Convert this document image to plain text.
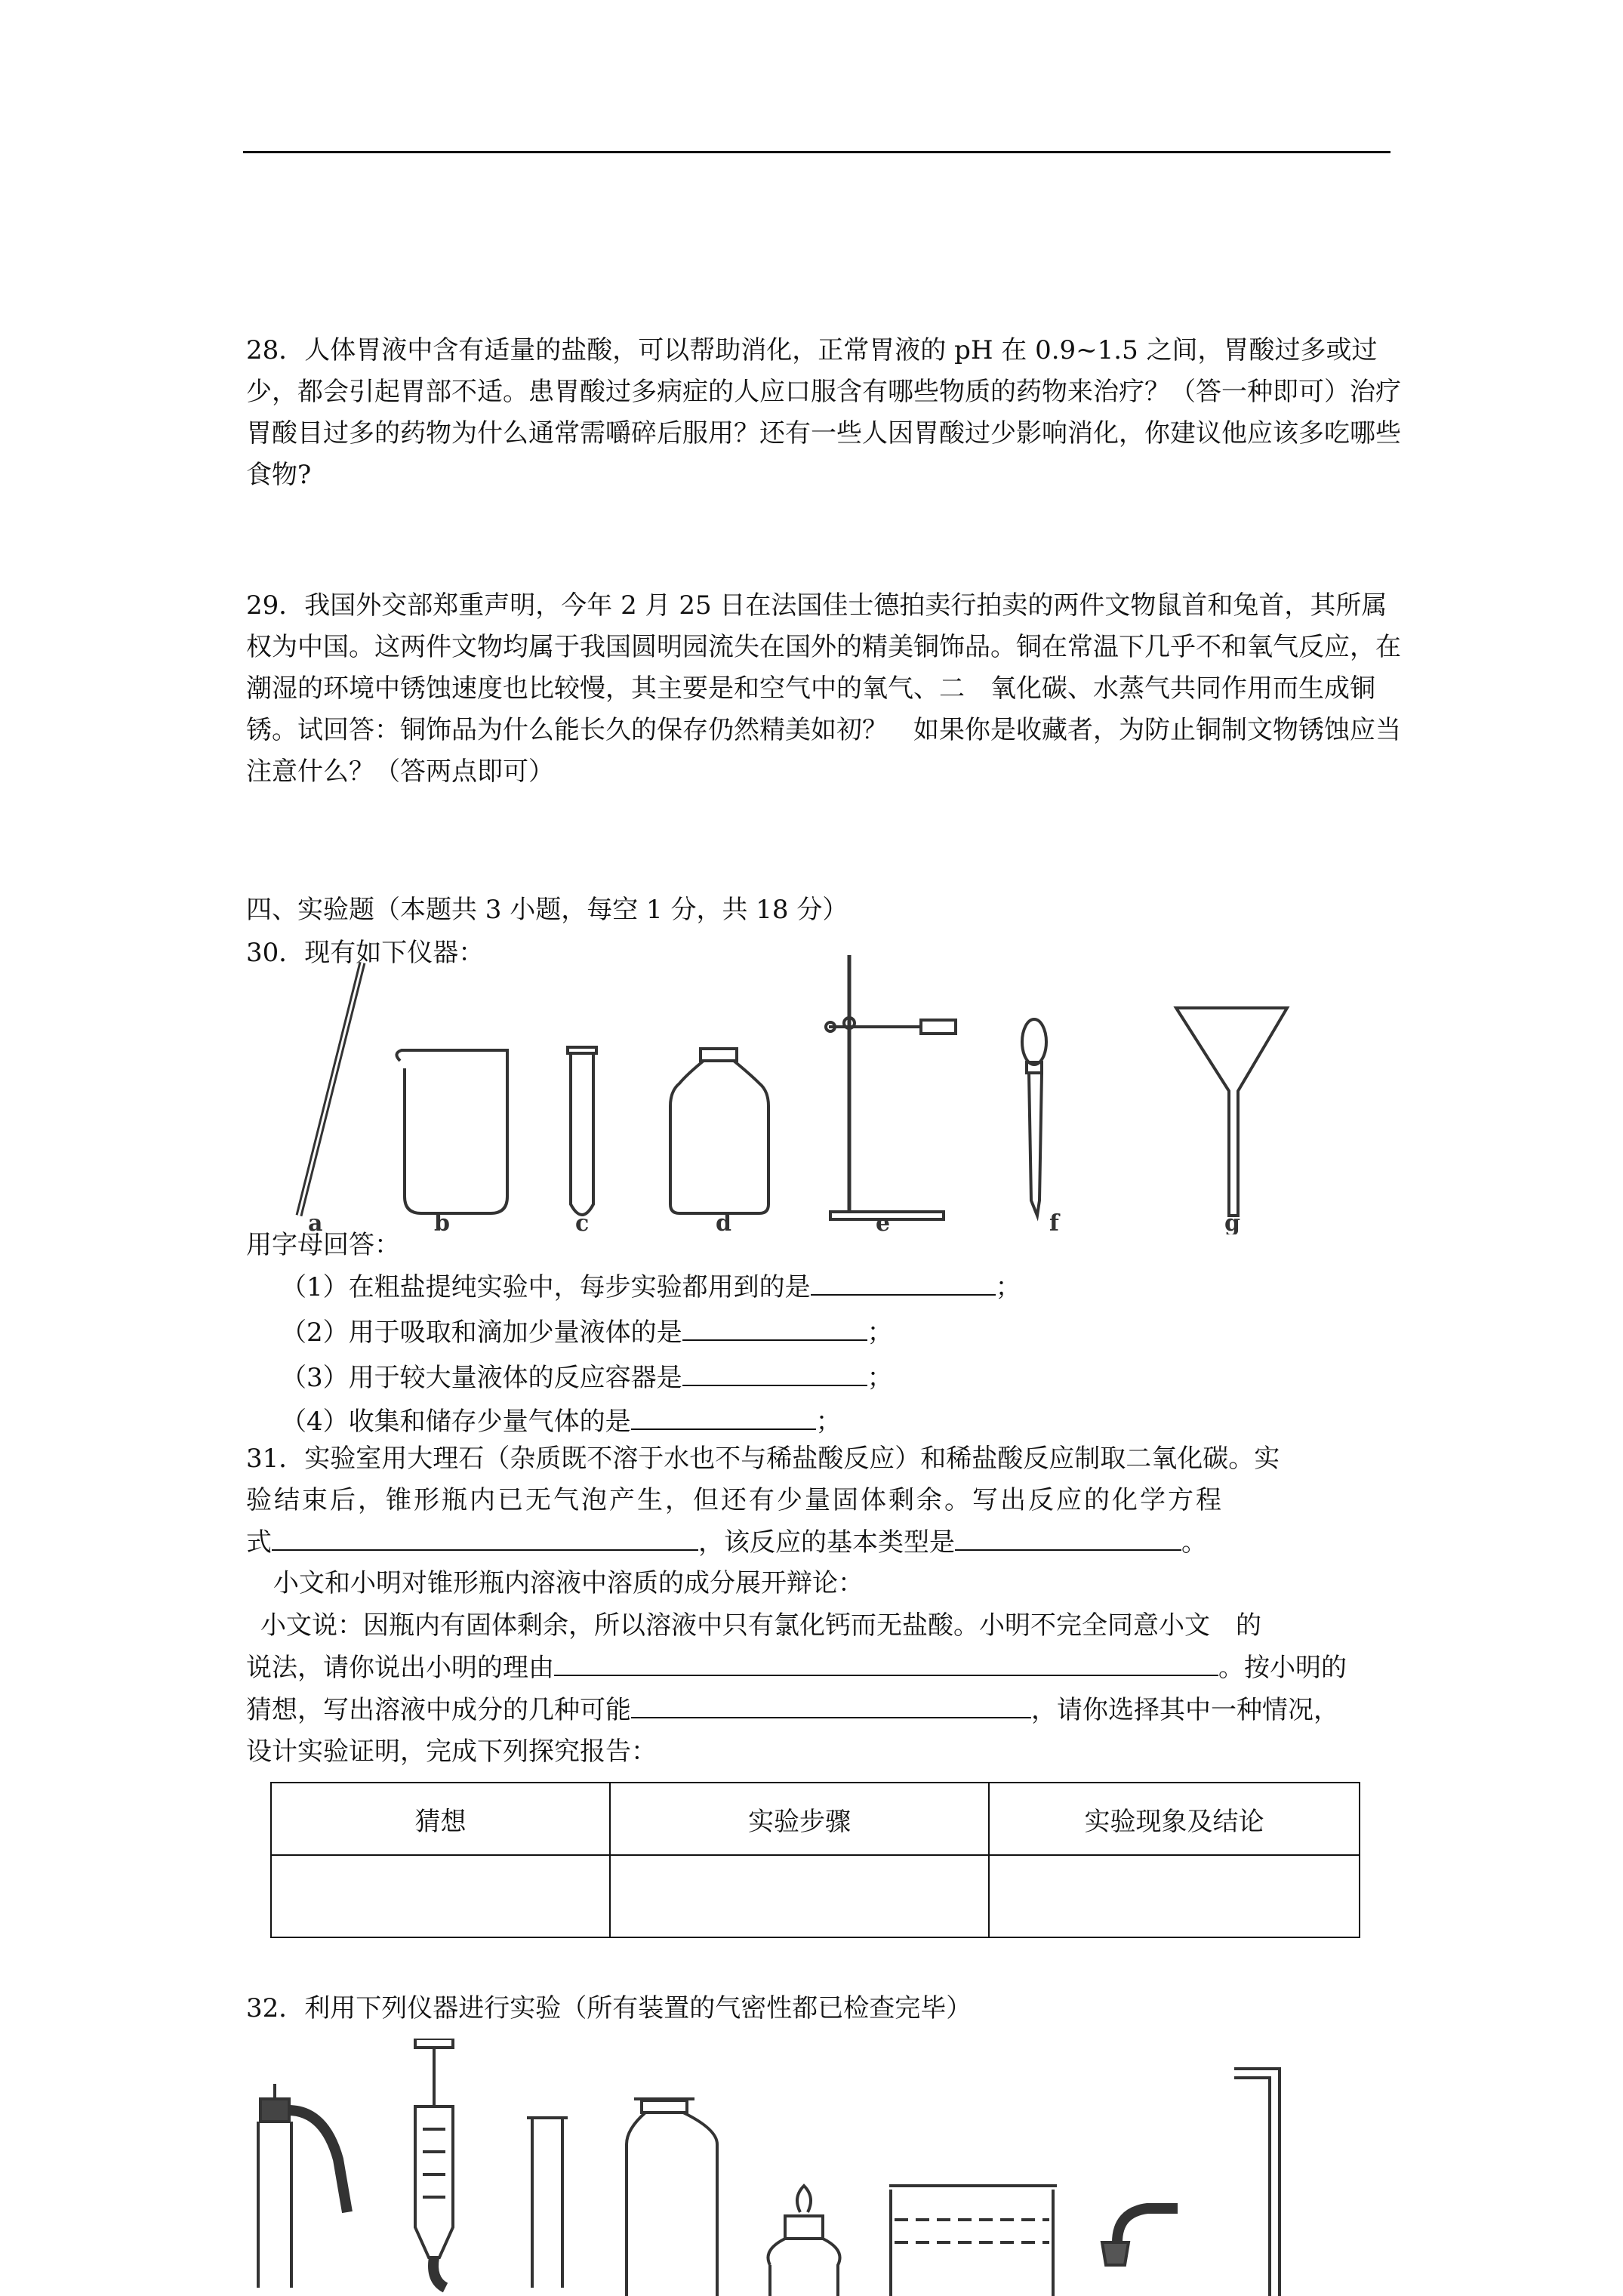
28．人体胃液中含有适量的盐酸，可以帮助消化，正常胃液的 pH 在 0.9~1.5 之间，胃酸过多或过少，都会引起胃部不适。患胃酸过多病症的人应口服含有哪些物质的药物来治疗？（答一种即可）治疗胃酸目过多的药物为什么通常需嚼碎后服用？还有一些人因胃酸过少影响消化，你建议他应该多吃哪些食物?

29．我国外交部郑重声明，今年 2 月 25 日在法国佳士德拍卖行拍卖的两件文物鼠首和兔首，其所属权为中国。这两件文物均属于我国圆明园流失在国外的精美铜饰品。铜在常温下几乎不和氧气反应，在潮湿的环境中锈蚀速度也比较慢，其主要是和空气中的氧气、二　氧化碳、水蒸气共同作用而生成铜锈。试回答：铜饰品为什么能长久的保存仍然精美如初？　如果你是收藏者，为防止铜制文物锈蚀应当注意什么？（答两点即可）

四、实验题（本题共 3 小题，每空 1 分，共 18 分）

30．现有如下仪器：

a	b	c	d	e	f	g

用字母回答：

（1）在粗盐提纯实验中，每步实验都用到的是	；

（2）用于吸取和滴加少量液体的是	；

（3）用于较大量液体的反应容器是	；

（4）收集和储存少量气体的是	；

31．实验室用大理石（杂质既不溶于水也不与稀盐酸反应）和稀盐酸反应制取二氧化碳。实

验结束后，锥形瓶内已无气泡产生，但还有少量固体剩余。写出反应的化学方程

式	，该反应的基本类型是	。

小文和小明对锥形瓶内溶液中溶质的成分展开辩论：

小文说：因瓶内有固体剩余，所以溶液中只有氯化钙而无盐酸。小明不完全同意小文　的

说法，请你说出小明的理由	。按小明的

猜想，写出溶液中成分的几种可能	，请你选择其中一种情况，

设计实验证明，完成下列探究报告：

猜想	实验步骤	实验现象及结论

32．利用下列仪器进行实验（所有装置的气密性都已检查完毕）
